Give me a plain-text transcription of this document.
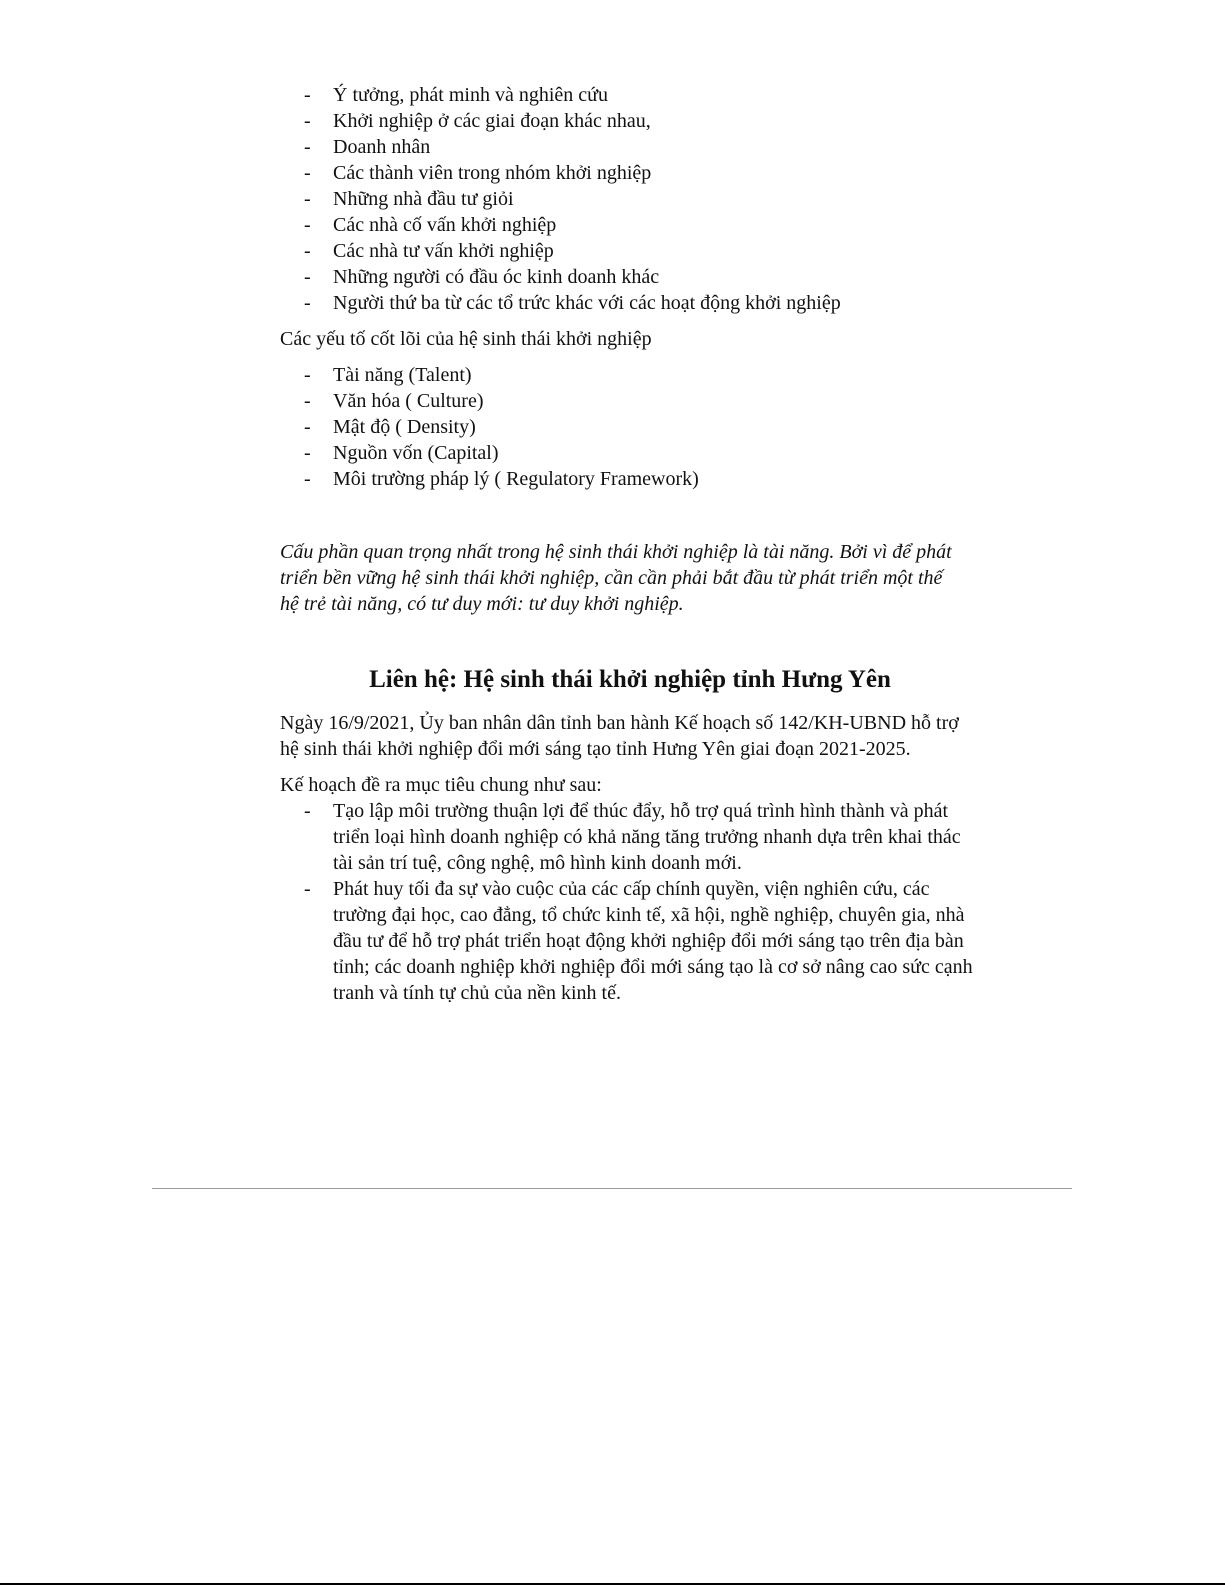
- Ý tưởng, phát minh và nghiên cứu
- Khởi nghiệp ở các giai đoạn khác nhau,
- Doanh nhân
- Các thành viên trong nhóm khởi nghiệp
- Những nhà đầu tư giỏi
- Các nhà cố vấn khởi nghiệp
- Các nhà tư vấn khởi nghiệp
- Những người có đầu óc kinh doanh khác
- Người thứ ba từ các tổ trức khác với các hoạt động khởi nghiệp

Các yếu tố cốt lõi của hệ sinh thái khởi nghiệp

- Tài năng (Talent)
- Văn hóa ( Culture)
- Mật độ ( Density)
- Nguồn vốn (Capital)
- Môi trường pháp lý ( Regulatory Framework)

Cấu phần quan trọng nhất trong hệ sinh thái khởi nghiệp là tài năng. Bởi vì để phát triển bền vững hệ sinh thái khởi nghiệp, cần cần phải bắt đầu từ phát triển một thế hệ trẻ tài năng, có tư duy mới: tư duy khởi nghiệp.

Liên hệ: Hệ sinh thái khởi nghiệp tỉnh Hưng Yên

Ngày 16/9/2021, Ủy ban nhân dân tỉnh ban hành Kế hoạch số 142/KH-UBND hỗ trợ hệ sinh thái khởi nghiệp đổi mới sáng tạo tỉnh Hưng Yên giai đoạn 2021-2025.

Kế hoạch đề ra mục tiêu chung như sau:

- Tạo lập môi trường thuận lợi để thúc đẩy, hỗ trợ quá trình hình thành và phát triển loại hình doanh nghiệp có khả năng tăng trưởng nhanh dựa trên khai thác tài sản trí tuệ, công nghệ, mô hình kinh doanh mới.
- Phát huy tối đa sự vào cuộc của các cấp chính quyền, viện nghiên cứu, các trường đại học, cao đẳng, tổ chức kinh tế, xã hội, nghề nghiệp, chuyên gia, nhà đầu tư để hỗ trợ phát triển hoạt động khởi nghiệp đổi mới sáng tạo trên địa bàn tỉnh; các doanh nghiệp khởi nghiệp đổi mới sáng tạo là cơ sở nâng cao sức cạnh tranh và tính tự chủ của nền kinh tế.
